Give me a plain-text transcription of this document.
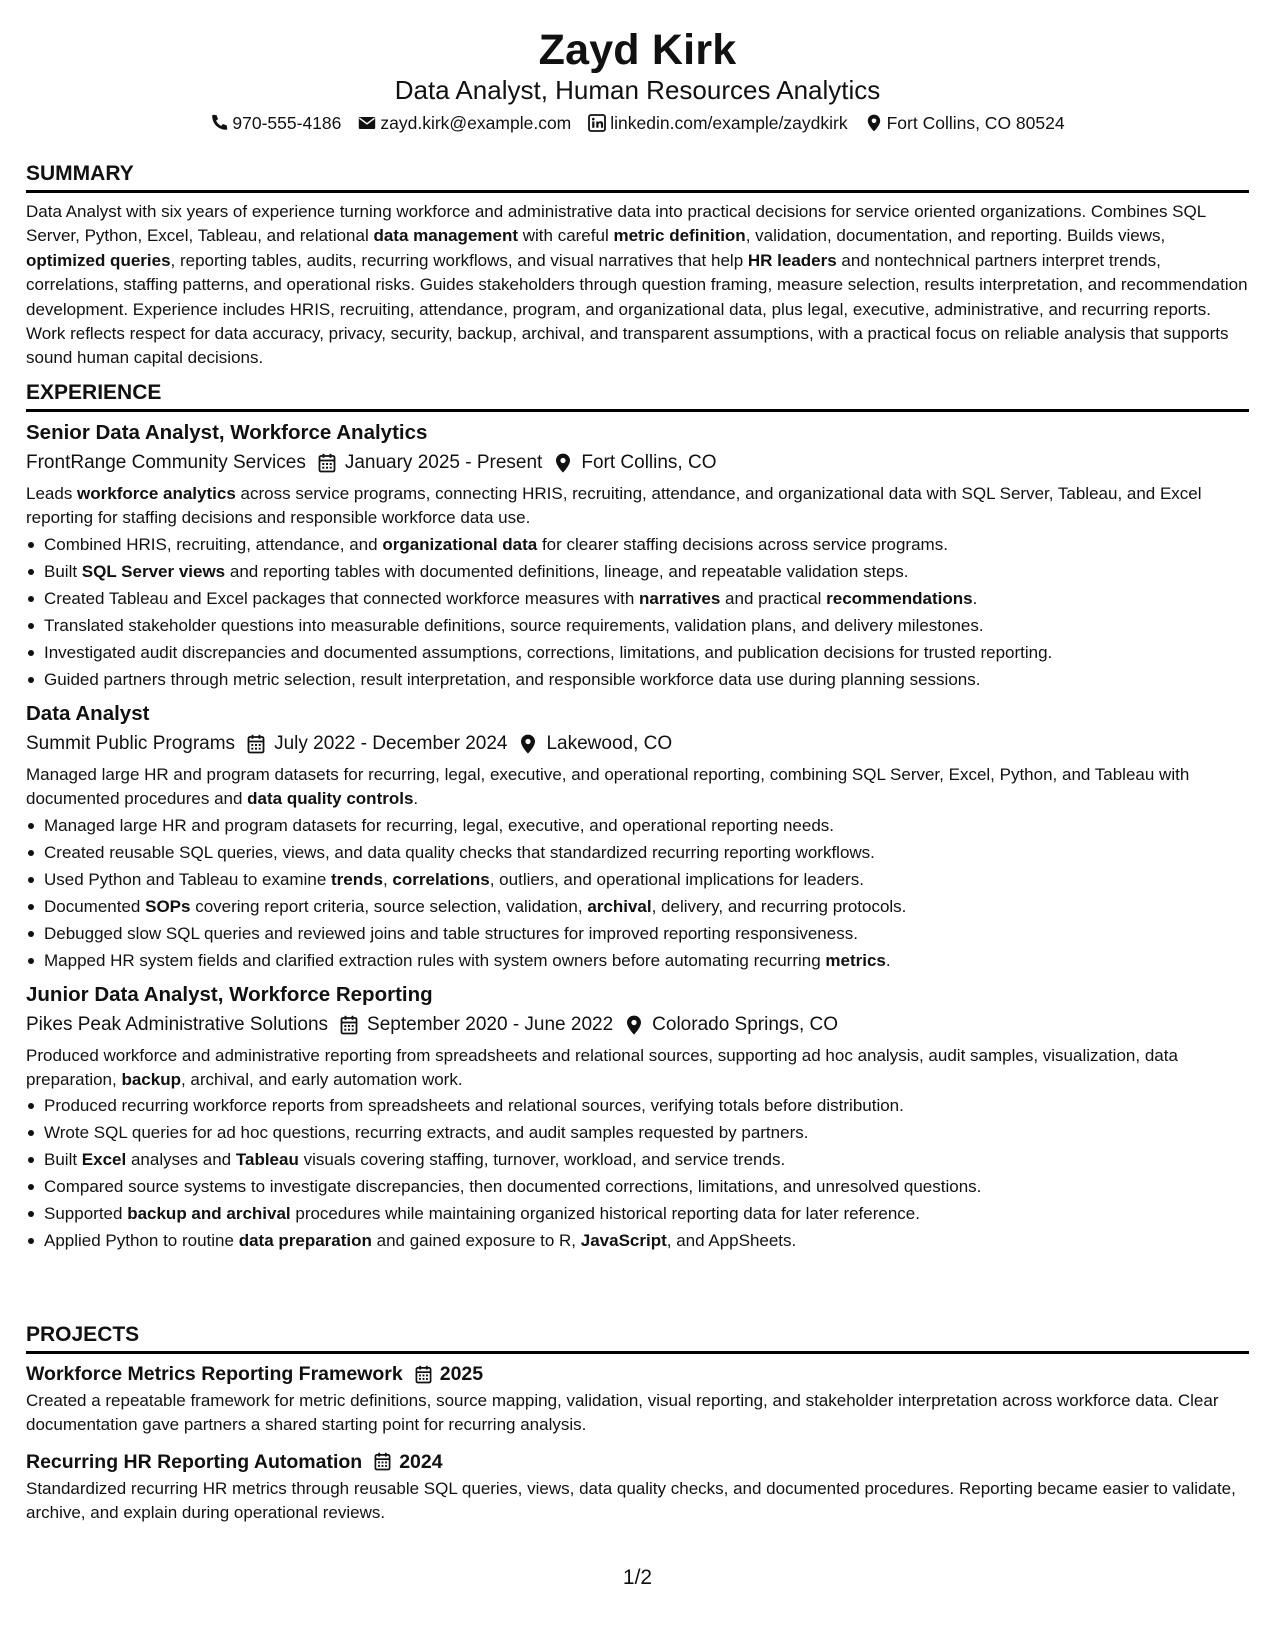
Zayd Kirk
Data Analyst, Human Resources Analytics
970-555-4186 zayd.kirk@example.com linkedin.com/example/zaydkirk Fort Collins, CO 80524
SUMMARY

Data Analyst with six years of experience turning workforce and administrative data into practical decisions for service oriented organizations. Combines SQL Server, Python, Excel, Tableau, and relational data management with careful metric definition, validation, documentation, and reporting. Builds views, optimized queries, reporting tables, audits, recurring workflows, and visual narratives that help HR leaders and nontechnical partners interpret trends, correlations, staffing patterns, and operational risks. Guides stakeholders through question framing, measure selection, results interpretation, and recommendation development. Experience includes HRIS, recruiting, attendance, program, and organizational data, plus legal, executive, administrative, and recurring reports. Work reflects respect for data accuracy, privacy, security, backup, archival, and transparent assumptions, with a practical focus on reliable analysis that supports sound human capital decisions.

EXPERIENCE
Senior Data Analyst, Workforce Analytics
FrontRange Community Services January 2025 - Present Fort Collins, CO

Leads workforce analytics across service programs, connecting HRIS, recruiting, attendance, and organizational data with SQL Server, Tableau, and Excel reporting for staffing decisions and responsible workforce data use.

Combined HRIS, recruiting, attendance, and organizational data for clearer staffing decisions across service programs.
Built SQL Server views and reporting tables with documented definitions, lineage, and repeatable validation steps.
Created Tableau and Excel packages that connected workforce measures with narratives and practical recommendations.
Translated stakeholder questions into measurable definitions, source requirements, validation plans, and delivery milestones.
Investigated audit discrepancies and documented assumptions, corrections, limitations, and publication decisions for trusted reporting.
Guided partners through metric selection, result interpretation, and responsible workforce data use during planning sessions.
Data Analyst
Summit Public Programs July 2022 - December 2024 Lakewood, CO

Managed large HR and program datasets for recurring, legal, executive, and operational reporting, combining SQL Server, Excel, Python, and Tableau with documented procedures and data quality controls.

Managed large HR and program datasets for recurring, legal, executive, and operational reporting needs.
Created reusable SQL queries, views, and data quality checks that standardized recurring reporting workflows.
Used Python and Tableau to examine trends, correlations, outliers, and operational implications for leaders.
Documented SOPs covering report criteria, source selection, validation, archival, delivery, and recurring protocols.
Debugged slow SQL queries and reviewed joins and table structures for improved reporting responsiveness.
Mapped HR system fields and clarified extraction rules with system owners before automating recurring metrics.
Junior Data Analyst, Workforce Reporting
Pikes Peak Administrative Solutions September 2020 - June 2022 Colorado Springs, CO

Produced workforce and administrative reporting from spreadsheets and relational sources, supporting ad hoc analysis, audit samples, visualization, data preparation, backup, archival, and early automation work.

Produced recurring workforce reports from spreadsheets and relational sources, verifying totals before distribution.
Wrote SQL queries for ad hoc questions, recurring extracts, and audit samples requested by partners.
Built Excel analyses and Tableau visuals covering staffing, turnover, workload, and service trends.
Compared source systems to investigate discrepancies, then documented corrections, limitations, and unresolved questions.
Supported backup and archival procedures while maintaining organized historical reporting data for later reference.
Applied Python to routine data preparation and gained exposure to R, JavaScript, and AppSheets.
PROJECTS
Workforce Metrics Reporting Framework 2025

Created a repeatable framework for metric definitions, source mapping, validation, visual reporting, and stakeholder interpretation across workforce data. Clear documentation gave partners a shared starting point for recurring analysis.

Recurring HR Reporting Automation 2024

Standardized recurring HR metrics through reusable SQL queries, views, data quality checks, and documented procedures. Reporting became easier to validate, archive, and explain during operational reviews.

1/2
